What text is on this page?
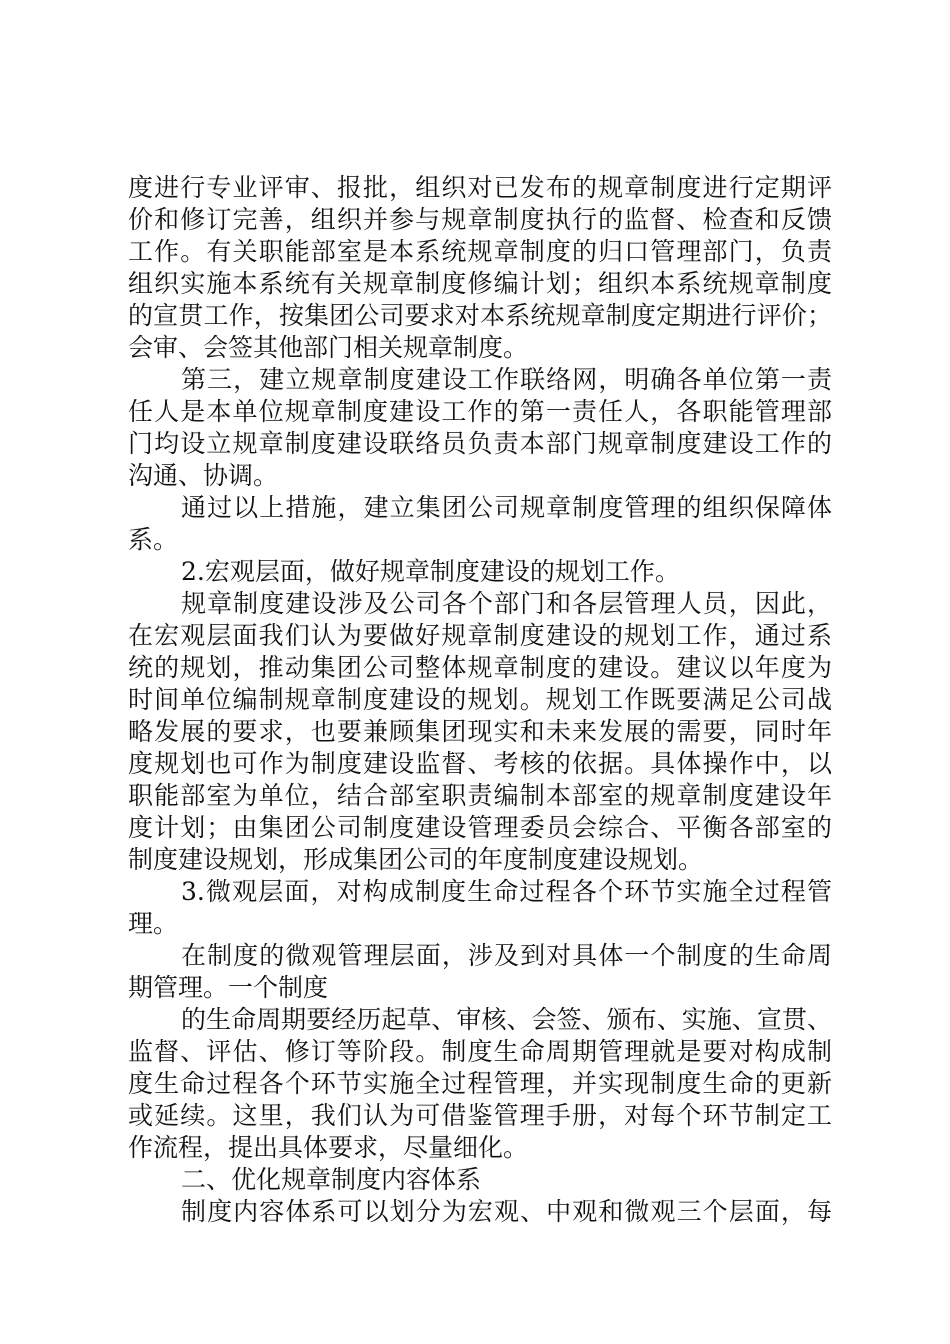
度进行专业评审、报批，组织对已发布的规章制度进行定期评
价和修订完善，组织并参与规章制度执行的监督、检查和反馈
工作。有关职能部室是本系统规章制度的归口管理部门，负责
组织实施本系统有关规章制度修编计划；组织本系统规章制度
的宣贯工作，按集团公司要求对本系统规章制度定期进行评价；
会审、会签其他部门相关规章制度。
第三，建立规章制度建设工作联络网，明确各单位第一责
任人是本单位规章制度建设工作的第一责任人，各职能管理部
门均设立规章制度建设联络员负责本部门规章制度建设工作的
沟通、协调。
通过以上措施，建立集团公司规章制度管理的组织保障体
系。
2.宏观层面，做好规章制度建设的规划工作。
规章制度建设涉及公司各个部门和各层管理人员，因此，
在宏观层面我们认为要做好规章制度建设的规划工作，通过系
统的规划，推动集团公司整体规章制度的建设。建议以年度为
时间单位编制规章制度建设的规划。规划工作既要满足公司战
略发展的要求，也要兼顾集团现实和未来发展的需要，同时年
度规划也可作为制度建设监督、考核的依据。具体操作中，以
职能部室为单位，结合部室职责编制本部室的规章制度建设年
度计划；由集团公司制度建设管理委员会综合、平衡各部室的
制度建设规划，形成集团公司的年度制度建设规划。
3.微观层面，对构成制度生命过程各个环节实施全过程管
理。
在制度的微观管理层面，涉及到对具体一个制度的生命周
期管理。一个制度
的生命周期要经历起草、审核、会签、颁布、实施、宣贯、
监督、评估、修订等阶段。制度生命周期管理就是要对构成制
度生命过程各个环节实施全过程管理，并实现制度生命的更新
或延续。这里，我们认为可借鉴管理手册，对每个环节制定工
作流程，提出具体要求，尽量细化。
二、优化规章制度内容体系
制度内容体系可以划分为宏观、中观和微观三个层面，每
